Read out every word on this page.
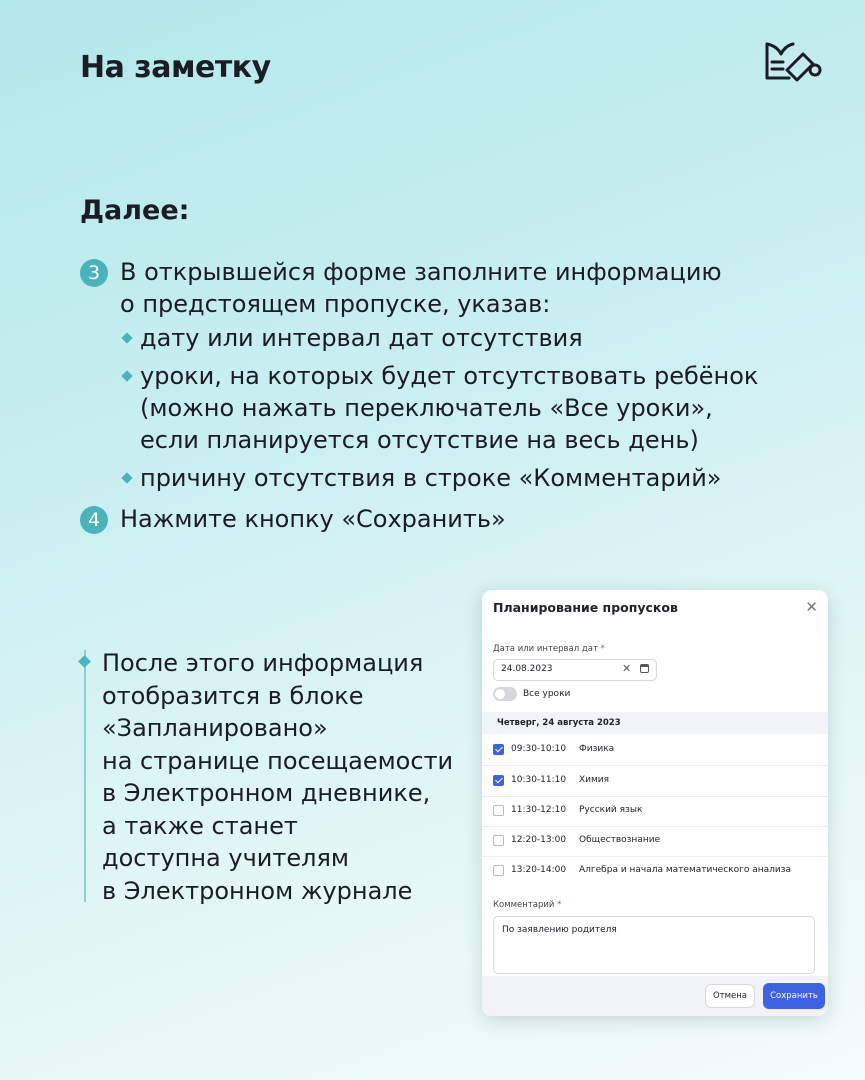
На заметку
Далее:
3 В открывшейся форме заполните информацию
о предстоящем пропуске, указав:
дату или интервал дат отсутствия
уроки, на которых будет отсутствовать ребёнок
(можно нажать переключатель «Все уроки»,
если планируется отсутствие на весь день)
причину отсутствия в строке «Комментарий»
4 Нажмите кнопку «Сохранить»
После этого информация
отобразится в блоке
«Запланировано»
на странице посещаемости
в Электронном дневнике,
а также станет
доступна учителям
в Электронном журнале
Планирование пропусков	✕
Дата или интервал дат *
24.08.2023	✕
Все уроки
Четверг, 24 августа 2023
09:30-10:10 Физика
10:30-11:10 Химия
11:30-12:10 Русский язык
12:20-13:00 Обществознание
13:20-14:00 Алгебра и начала математического анализа
Комментарий *
По заявлению родителя
Отмена	Сохранить
